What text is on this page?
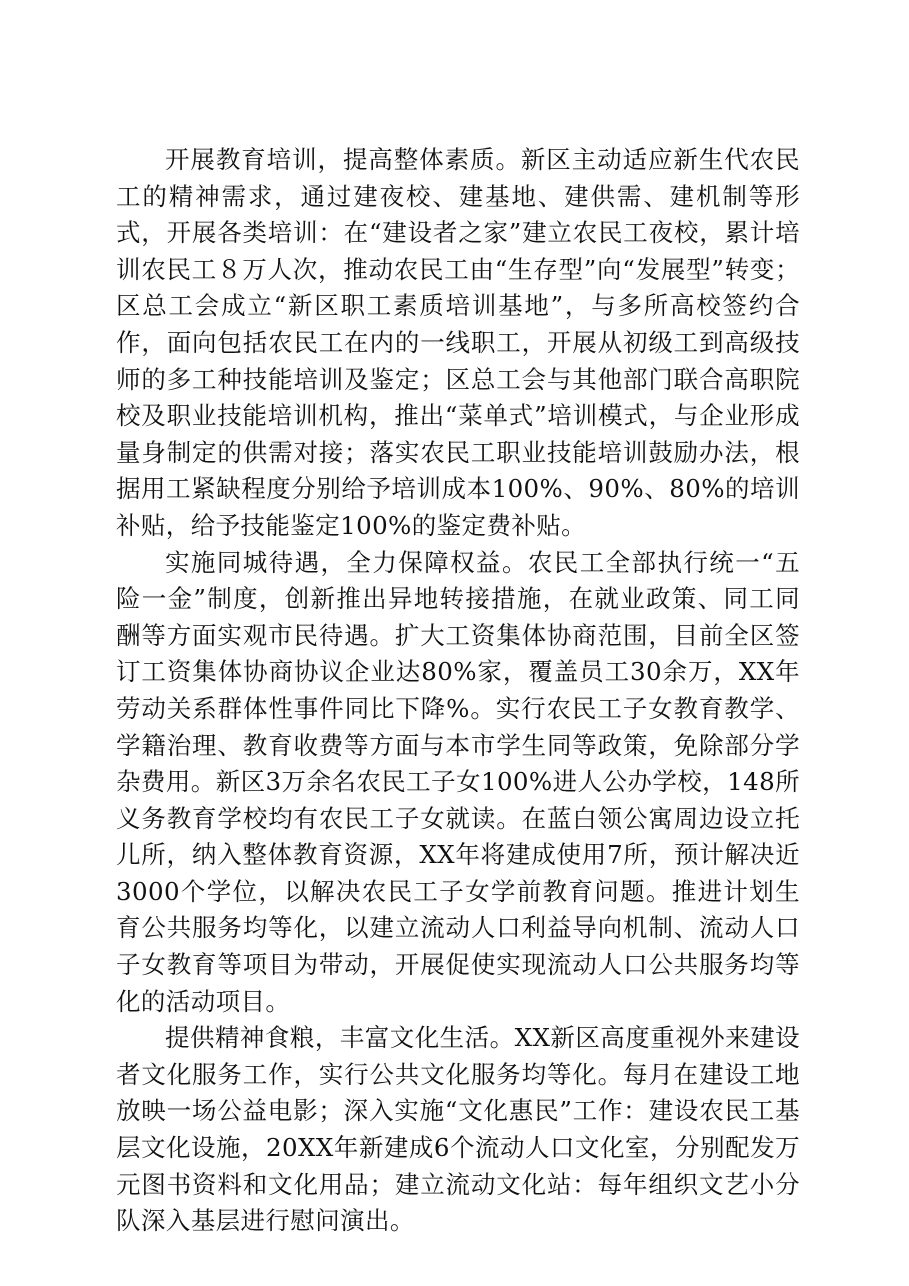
开展教育培训，提高整体素质。新区主动适应新生代农民工的精神需求，通过建夜校、建基地、建供需、建机制等形式，开展各类培训：在“建设者之家”建立农民工夜校，累计培训农民工８万人次，推动农民工由“生存型”向“发展型”转变；区总工会成立“新区职工素质培训基地”，与多所高校签约合作，面向包括农民工在内的一线职工，开展从初级工到高级技师的多工种技能培训及鉴定；区总工会与其他部门联合高职院校及职业技能培训机构，推出“菜单式”培训模式，与企业形成量身制定的供需对接；落实农民工职业技能培训鼓励办法，根据用工紧缺程度分别给予培训成本100%、90%、80%的培训补贴，给予技能鉴定100%的鉴定费补贴。

实施同城待遇，全力保障权益。农民工全部执行统一“五险一金”制度，创新推出异地转接措施，在就业政策、同工同酬等方面实观市民待遇。扩大工资集体协商范围，目前全区签订工资集体协商协议企业达80%家，覆盖员工30余万，XX年劳动关系群体性事件同比下降%。实行农民工子女教育教学、学籍治理、教育收费等方面与本市学生同等政策，免除部分学杂费用。新区3万余名农民工子女100%进人公办学校，148所义务教育学校均有农民工子女就读。在蓝白领公寓周边设立托儿所，纳入整体教育资源，XX年将建成使用7所，预计解决近3000个学位，以解决农民工子女学前教育问题。推进计划生育公共服务均等化，以建立流动人口利益导向机制、流动人口子女教育等项目为带动，开展促使实现流动人口公共服务均等化的活动项目。

提供精神食粮，丰富文化生活。XX新区高度重视外来建设者文化服务工作，实行公共文化服务均等化。每月在建设工地放映一场公益电影；深入实施“文化惠民”工作：建设农民工基层文化设施，20XX年新建成6个流动人口文化室，分别配发万元图书资料和文化用品；建立流动文化站：每年组织文艺小分队深入基层进行慰问演出。
